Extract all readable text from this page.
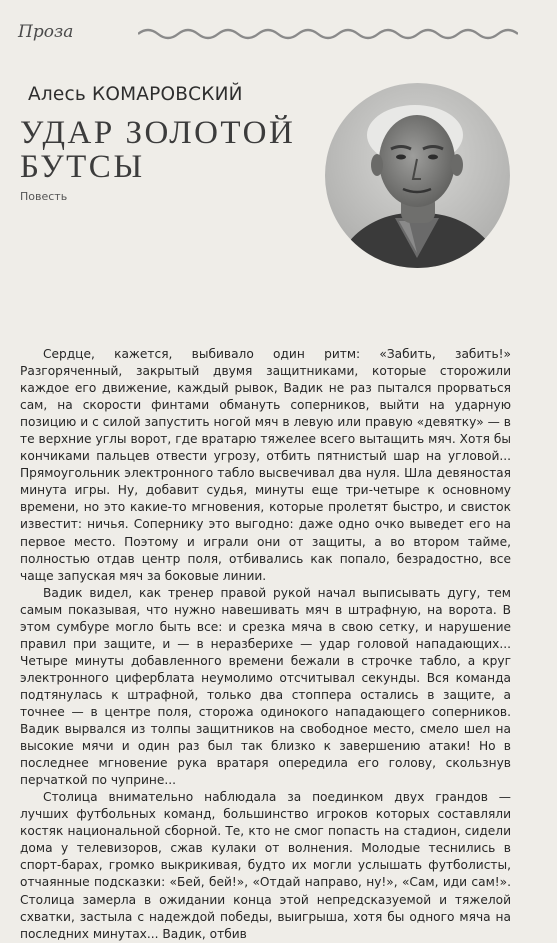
Проза
Алесь КОМАРОВСКИЙ
УДАР ЗОЛОТОЙ
БУТСЫ
Повесть

Сердце, кажется, выбивало один ритм: «Забить, забить!» Разгоряченный, закрытый двумя защитниками, которые сторожили каждое его движение, каждый рывок, Вадик не раз пытался прорваться сам, на скорости финтами обмануть соперников, выйти на ударную позицию и с силой запустить ногой мяч в левую или правую «девятку» — в те верхние углы ворот, где вратарю тяжелее всего вытащить мяч. Хотя бы кончиками пальцев отвести угрозу, отбить пятнистый шар на угловой... Прямоугольник электронного табло высвечивал два нуля. Шла девяностая минута игры. Ну, добавит судья, минуты еще три-четыре к основному времени, но это какие-то мгновения, которые пролетят быстро, и свисток известит: ничья. Сопернику это выгодно: даже одно очко выведет его на первое место. Поэтому и играли они от защиты, а во втором тайме, полностью отдав центр поля, отбивались как попало, безрадостно, все чаще запуская мяч за боковые линии.

Вадик видел, как тренер правой рукой начал выписывать дугу, тем самым показывая, что нужно навешивать мяч в штрафную, на ворота. В этом сумбуре могло быть все: и срезка мяча в свою сетку, и нарушение правил при защите, и — в неразберихе — удар головой нападающих... Четыре минуты добавленного времени бежали в строчке табло, а круг электронного циферблата неумолимо отсчитывал секунды. Вся команда подтянулась к штрафной, только два стоппера остались в защите, а точнее — в центре поля, сторожа одинокого нападающего соперников. Вадик вырвался из толпы защитников на свободное место, смело шел на высокие мячи и один раз был так близко к завершению атаки! Но в последнее мгновение рука вратаря опередила его голову, скользнув перчаткой по чуприне...

Столица внимательно наблюдала за поединком двух грандов — лучших футбольных команд, большинство игроков которых составляли костяк национальной сборной. Те, кто не смог попасть на стадион, сидели дома у телевизоров, сжав кулаки от волнения. Молодые теснились в спорт-барах, громко выкрикивая, будто их могли услышать футболисты, отчаянные подсказки: «Бей, бей!», «Отдай направо, ну!», «Сам, иди сам!». Столица замерла в ожидании конца этой непредсказуемой и тяжелой схватки, застыла с надеждой победы, выигрыша, хотя бы одного мяча на последних минутах... Вадик, отбив
